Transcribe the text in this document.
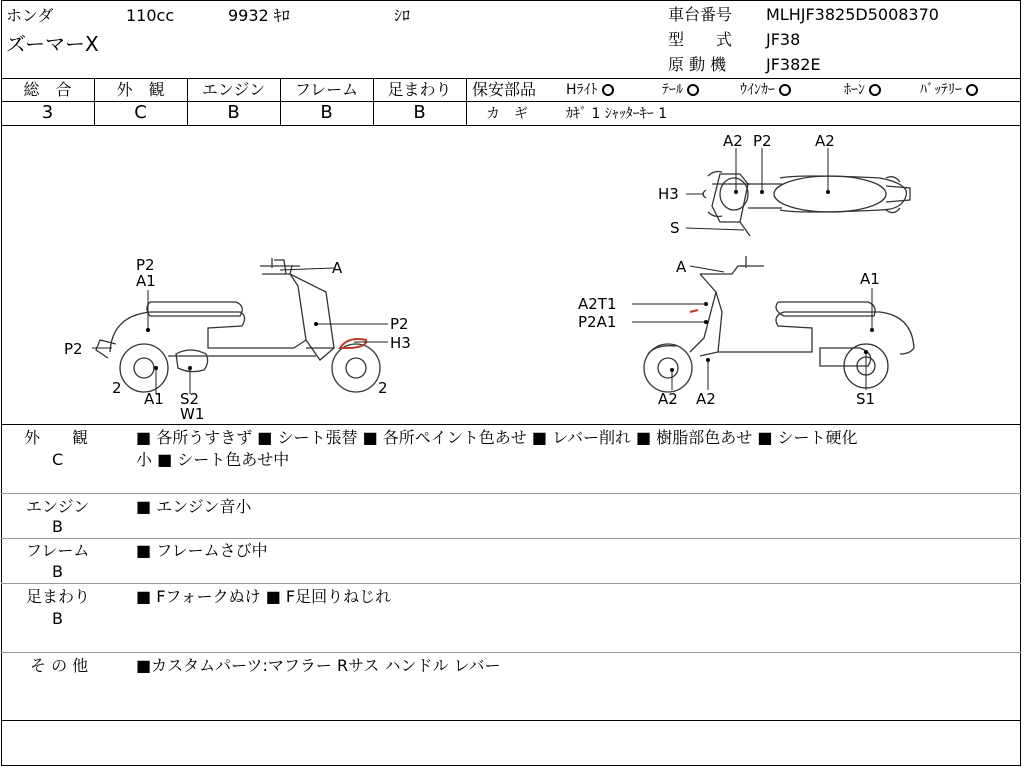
ホンダ	110cc	9932 ｷﾛ	ｼﾛ
ズーマーX
車台番号 MLHJF3825D5008370
型　　式 JF38
原 動 機 JF382E
総　合	外　観	エンジン	フレーム	足まわり
3	C	B	B	B
保安部品 Hﾗｲﾄ	ﾃｰﾙ	ｳｲﾝｶｰ	ﾎｰﾝ	ﾊﾞｯﾃﾘｰ
カ　ギ	ｶｷﾞ 1 ｼｬｯﾀｰｷｰ 1
A2 P2	A2
H3
S
P2
A1
A
P2
P2	H3
2
A1 S2
W1
2
A
A1
A2T1
P2A1
A2 A2	S1
外　　観
C
■ 各所うすきず ■ シート張替 ■ 各所ペイント色あせ ■ レバー削れ ■ 樹脂部色あせ ■ シート硬化
小 ■ シート色あせ中
エンジン
B
■ エンジン音小
フレーム
B
■ フレームさび中
足まわり
B
■ Fフォークぬけ ■ F足回りねじれ
そ の 他	■カスタムパーツ:マフラー Rサス ハンドル レバー
